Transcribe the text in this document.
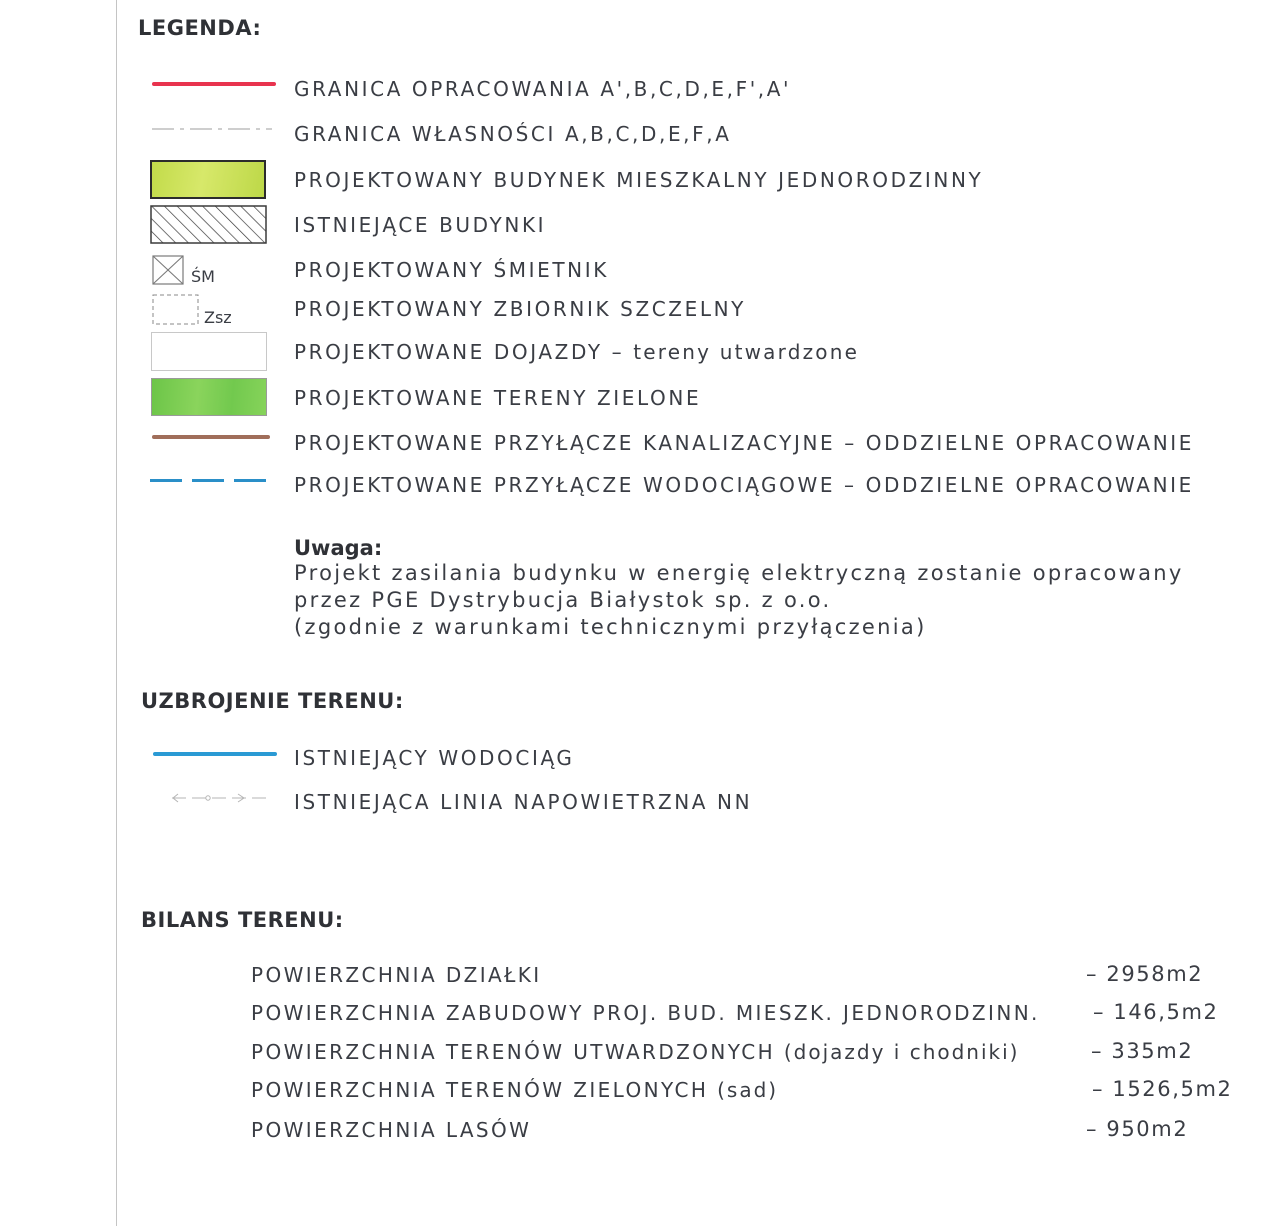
LEGENDA:
GRANICA OPRACOWANIA A',B,C,D,E,F',A'
GRANICA WŁASNOŚCI A,B,C,D,E,F,A
PROJEKTOWANY BUDYNEK MIESZKALNY JEDNORODZINNY
ISTNIEJĄCE BUDYNKI
ŚM	PROJEKTOWANY ŚMIETNIK
Zsz	PROJEKTOWANY ZBIORNIK SZCZELNY
PROJEKTOWANE DOJAZDY – tereny utwardzone
PROJEKTOWANE TERENY ZIELONE
PROJEKTOWANE PRZYŁĄCZE KANALIZACYJNE – ODDZIELNE OPRACOWANIE
PROJEKTOWANE PRZYŁĄCZE WODOCIĄGOWE – ODDZIELNE OPRACOWANIE
Uwaga:
Projekt zasilania budynku w energię elektryczną zostanie opracowany
przez PGE Dystrybucja Białystok sp. z o.o.
(zgodnie z warunkami technicznymi przyłączenia)
UZBROJENIE TERENU:
ISTNIEJĄCY WODOCIĄG
ISTNIEJĄCA LINIA NAPOWIETRZNA NN
BILANS TERENU:
POWIERZCHNIA DZIAŁKI	– 2958m2
POWIERZCHNIA ZABUDOWY PROJ. BUD. MIESZK. JEDNORODZINN.	– 146,5m2
POWIERZCHNIA TERENÓW UTWARDZONYCH (dojazdy i chodniki)	– 335m2
POWIERZCHNIA TERENÓW ZIELONYCH (sad)	– 1526,5m2
POWIERZCHNIA LASÓW	– 950m2
